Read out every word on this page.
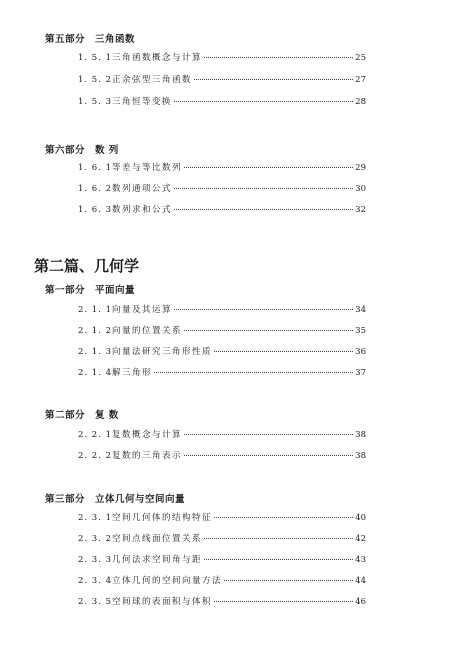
第五部分　三角函数
1. 5. 1 三角函数概念与计算	25
1. 5. 2 正余弦型三角函数	27
1. 5. 3 三角恒等变换	28
第六部分　数 列
1. 6. 1 等差与等比数列	29
1. 6. 2 数列通项公式	30
1. 6. 3 数列求和公式	32
第二篇、几何学
第一部分　平面向量
2. 1. 1 向量及其运算	34
2. 1. 2 向量的位置关系	35
2. 1. 3 向量法研究三角形性质	36
2. 1. 4 解三角形	37
第二部分　复 数
2. 2. 1 复数概念与计算	38
2. 2. 2 复数的三角表示	38
第三部分　立体几何与空间向量
2. 3. 1 空间几何体的结构特征	40
2. 3. 2 空间点线面位置关系	42
2. 3. 3 几何法求空间角与距	43
2. 3. 4 立体几何的空间向量方法	44
2. 3. 5 空间球的表面积与体积	46
